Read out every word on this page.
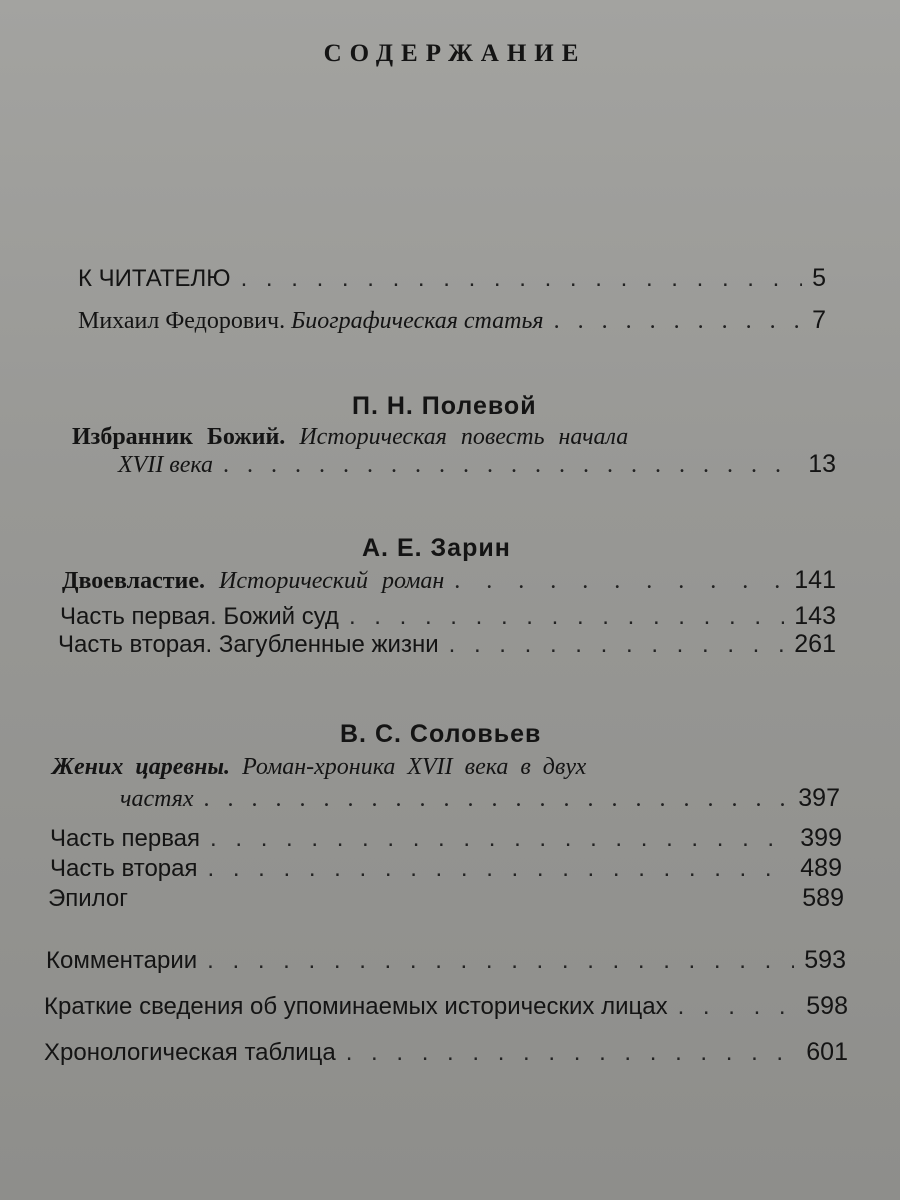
СОДЕРЖАНИЕ
К ЧИТАТЕЛЮ . . .	5
Михаил Федорович. Биографическая статья . . .	7
П. Н. Полевой
Избранник Божий. Историческая повесть начала
XVII века . . .	13
А. Е. Зарин
Двоевластие. Исторический роман . . .	141
Часть первая. Божий суд . . .	143
Часть вторая. Загубленные жизни . . .	261
В. С. Соловьев
Жених царевны. Роман-хроника XVII века в двух
частях . . .	397
Часть первая . . .	399
Часть вторая . . .	489
Эпилог	589
Комментарии . . .	593
Краткие сведения об упоминаемых исторических лицах . . .	598
Хронологическая таблица . . .	601
